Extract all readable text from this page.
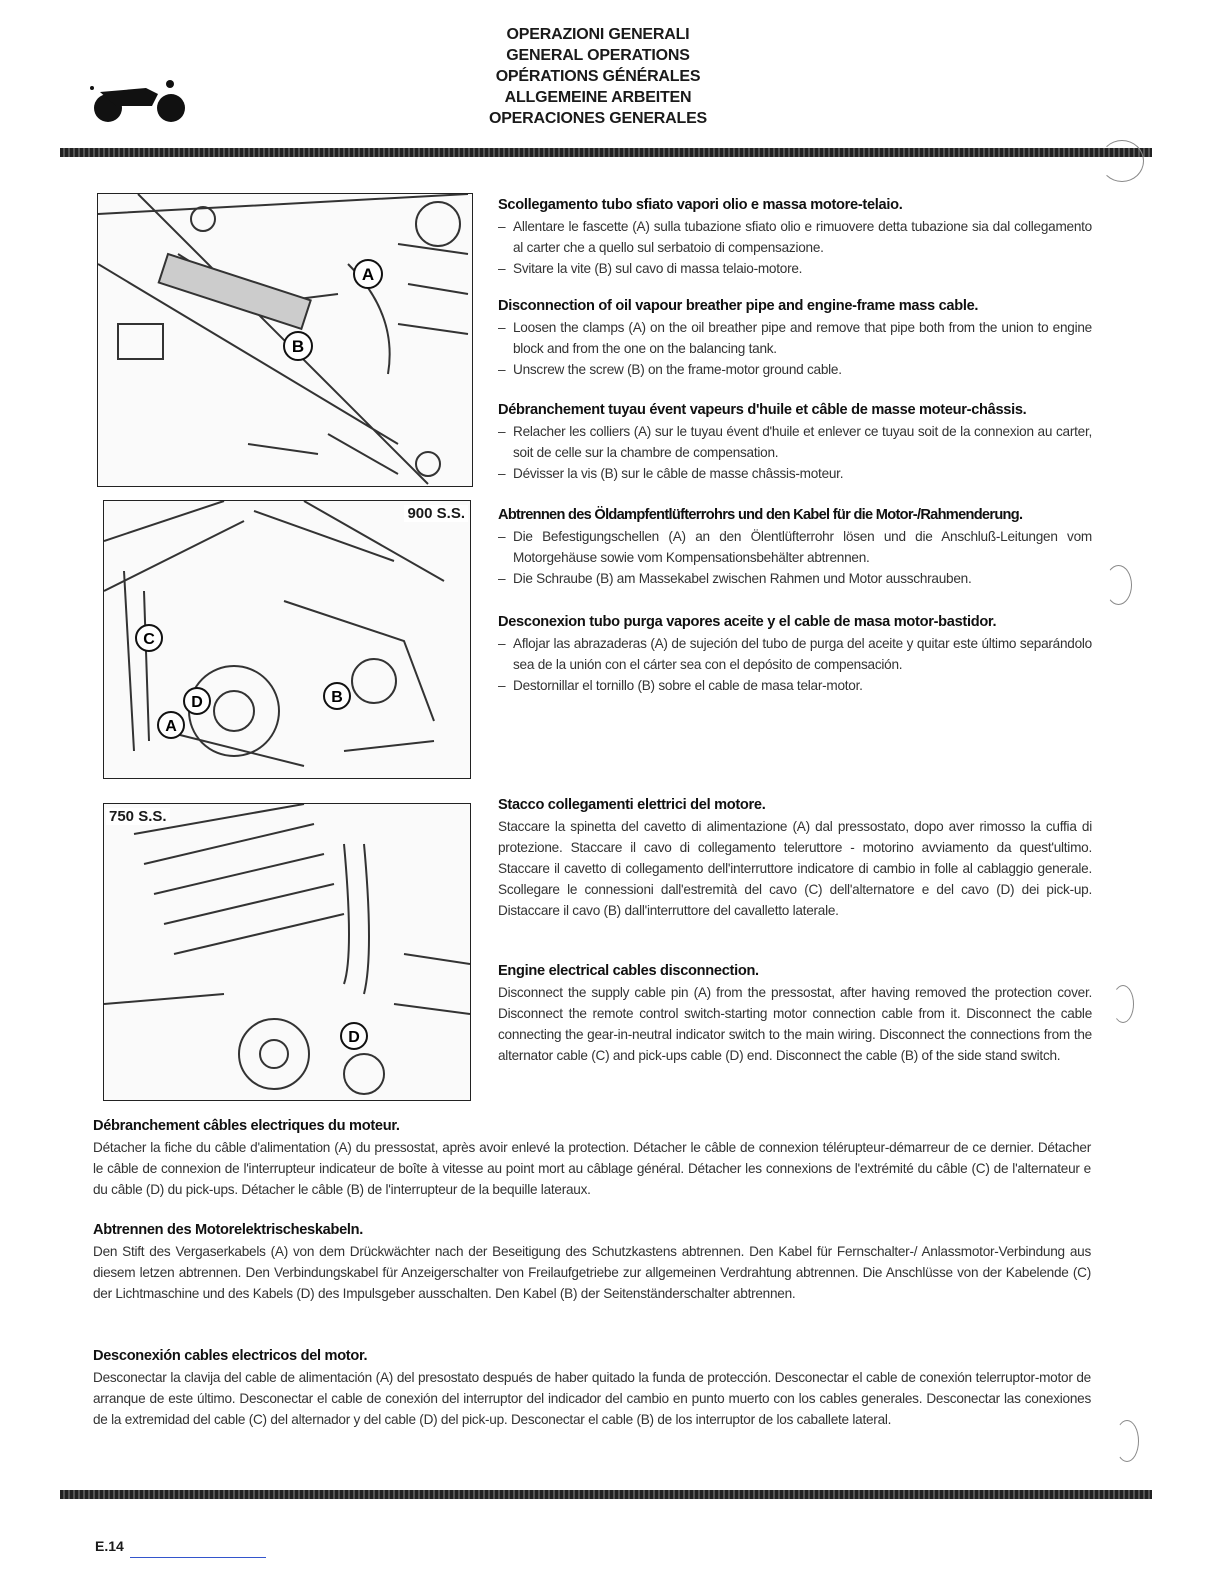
OPERAZIONI GENERALI
GENERAL OPERATIONS
OPÉRATIONS GÉNÉRALES
ALLGEMEINE ARBEITEN
OPERACIONES GENERALES
A
B
C
D
A
B
900 S.S.
D
750 S.S.
Scollegamento tubo sfiato vapori olio e massa motore-telaio.
– Allentare le fascette (A) sulla tubazione sfiato olio e rimuovere detta tubazione sia dal collegamento al carter che a quello sul serbatoio di compensazione.
– Svitare la vite (B) sul cavo di massa telaio-motore.
Disconnection of oil vapour breather pipe and engine-frame mass cable.
– Loosen the clamps (A) on the oil breather pipe and remove that pipe both from the union to engine block and from the one on the balancing tank.
– Unscrew the screw (B) on the frame-motor ground cable.
Débranchement tuyau évent vapeurs d'huile et câble de masse moteur-châssis.
– Relacher les colliers (A) sur le tuyau évent d'huile et enlever ce tuyau soit de la connexion au carter, soit de celle sur la chambre de compensation.
– Dévisser la vis (B) sur le câble de masse châssis-moteur.
Abtrennen des Öldampfentlüfterrohrs und den Kabel für die Motor-/Rahmenderung.
– Die Befestigungschellen (A) an den Ölentlüfterrohr lösen und die Anschluß-Leitungen vom Motorgehäuse sowie vom Kompensationsbehälter abtrennen.
– Die Schraube (B) am Massekabel zwischen Rahmen und Motor ausschrauben.
Desconexion tubo purga vapores aceite y el cable de masa motor-bastidor.
– Aflojar las abrazaderas (A) de sujeción del tubo de purga del aceite y quitar este último separándolo sea de la unión con el cárter sea con el depósito de compensación.
– Destornillar el tornillo (B) sobre el cable de masa telar-motor.
Stacco collegamenti elettrici del motore.

Staccare la spinetta del cavetto di alimentazione (A) dal pressostato, dopo aver rimosso la cuffia di protezione. Staccare il cavo di collegamento teleruttore - motorino avviamento da quest'ultimo. Staccare il cavetto di collegamento dell'interruttore indicatore di cambio in folle al cablaggio generale. Scollegare le connessioni dall'estremità del cavo (C) dell'alternatore e del cavo (D) dei pick-up. Distaccare il cavo (B) dall'interruttore del cavalletto laterale.

Engine electrical cables disconnection.

Disconnect the supply cable pin (A) from the pressostat, after having removed the protection cover. Disconnect the remote control switch-starting motor connection cable from it. Disconnect the cable connecting the gear-in-neutral indicator switch to the main wiring. Disconnect the connections from the alternator cable (C) and pick-ups cable (D) end. Disconnect the cable (B) of the side stand switch.

Débranchement câbles electriques du moteur.

Détacher la fiche du câble d'alimentation (A) du pressostat, après avoir enlevé la protection. Détacher le câble de connexion télérupteur-démarreur de ce dernier. Détacher le câble de connexion de l'interrupteur indicateur de boîte à vitesse au point mort au câblage général. Détacher les connexions de l'extrémité du câble (C) de l'alternateur e du câble (D) du pick-ups. Détacher le câble (B) de l'interrupteur de la bequille lateraux.

Abtrennen des Motorelektrischeskabeln.

Den Stift des Vergaserkabels (A) von dem Drückwächter nach der Beseitigung des Schutzkastens abtrennen. Den Kabel für Fernschalter-/ Anlassmotor-Verbindung aus diesem letzen abtrennen. Den Verbindungskabel für Anzeigerschalter von Freilaufgetriebe zur allgemeinen Verdrahtung abtrennen. Die Anschlüsse von der Kabelende (C) der Lichtmaschine und des Kabels (D) des Impulsgeber ausschalten. Den Kabel (B) der Seitenständerschalter abtrennen.

Desconexión cables electricos del motor.

Desconectar la clavija del cable de alimentación (A) del presostato después de haber quitado la funda de protección. Desconectar el cable de conexión telerruptor-motor de arranque de este último. Desconectar el cable de conexión del interruptor del indicador del cambio en punto muerto con los cables generales. Desconectar las conexiones de la extremidad del cable (C) del alternador y del cable (D) del pick-up. Desconectar el cable (B) de los interruptor de los caballete lateral.

E.14
